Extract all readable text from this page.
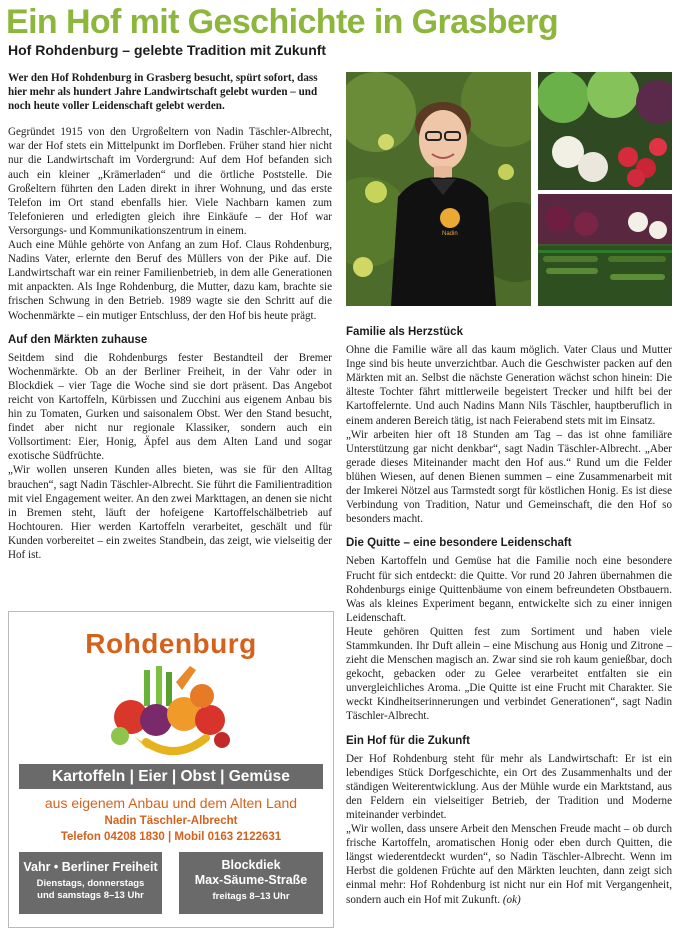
Ein Hof mit Geschichte in Grasberg
Hof Rohdenburg – gelebte Tradition mit Zukunft

Wer den Hof Rohdenburg in Grasberg besucht, spürt sofort, dass hier mehr als hundert Jahre Landwirtschaft gelebt wurden – und noch heute voller Leidenschaft gelebt werden.

Gegründet 1915 von den Urgroßeltern von Nadin Täschler-Albrecht, war der Hof stets ein Mittelpunkt im Dorfleben. Früher stand hier nicht nur die Landwirtschaft im Vordergrund: Auf dem Hof befanden sich auch ein kleiner „Krämerladen“ und die örtliche Poststelle. Die Großeltern führten den Laden direkt in ihrer Wohnung, und das erste Telefon im Ort stand ebenfalls hier. Viele Nachbarn kamen zum Telefonieren und erledigten gleich ihre Einkäufe – der Hof war Versorgungs- und Kommunikationszentrum in einem.

Auch eine Mühle gehörte von Anfang an zum Hof. Claus Rohdenburg, Nadins Vater, erlernte den Beruf des Müllers von der Pike auf. Die Landwirtschaft war ein reiner Familienbetrieb, in dem alle Generationen mit anpackten. Als Inge Rohdenburg, die Mutter, dazu kam, brachte sie frischen Schwung in den Betrieb. 1989 wagte sie den Schritt auf die Wochenmärkte – ein mutiger Entschluss, der den Hof bis heute prägt.

Auf den Märkten zuhause

Seitdem sind die Rohdenburgs fester Bestandteil der Bremer Wochenmärkte. Ob an der Berliner Freiheit, in der Vahr oder in Blockdiek – vier Tage die Woche sind sie dort präsent. Das Angebot reicht von Kartoffeln, Kürbissen und Zucchini aus eigenem Anbau bis hin zu Tomaten, Gurken und saisonalem Obst. Wer den Stand besucht, findet aber nicht nur regionale Klassiker, sondern auch ein Vollsortiment: Eier, Honig, Äpfel aus dem Alten Land und sogar exotische Südfrüchte.

„Wir wollen unseren Kunden alles bieten, was sie für den Alltag brauchen“, sagt Nadin Täschler-Albrecht. Sie führt die Familientradition mit viel Engagement weiter. An den zwei Markttagen, an denen sie nicht in Bremen steht, läuft der hofeigene Kartoffelschälbetrieb auf Hochtouren. Hier werden Kartoffeln verarbeitet, geschält und für Kunden vorbereitet – ein zweites Standbein, das zeigt, wie vielseitig der Hof ist.

Nadin
Familie als Herzstück

Ohne die Familie wäre all das kaum möglich. Vater Claus und Mutter Inge sind bis heute unverzichtbar. Auch die Geschwister packen auf den Märkten mit an. Selbst die nächste Generation wächst schon hinein: Die älteste Tochter fährt mittlerweile begeistert Trecker und hilft bei der Kartoffelernte. Und auch Nadins Mann Nils Täschler, hauptberuflich in einem anderen Bereich tätig, ist nach Feierabend stets mit im Einsatz.

„Wir arbeiten hier oft 18 Stunden am Tag – das ist ohne familiäre Unterstützung gar nicht denkbar“, sagt Nadin Täschler-Albrecht. „Aber gerade dieses Miteinander macht den Hof aus.“ Rund um die Felder blühen Wiesen, auf denen Bienen summen – eine Zusammenarbeit mit der Imkerei Nötzel aus Tarmstedt sorgt für köstlichen Honig. Es ist diese Verbindung von Tradition, Natur und Gemeinschaft, die den Hof so besonders macht.

Die Quitte – eine besondere Leidenschaft

Neben Kartoffeln und Gemüse hat die Familie noch eine besondere Frucht für sich entdeckt: die Quitte. Vor rund 20 Jahren übernahmen die Rohdenburgs einige Quittenbäume von einem befreundeten Obstbauern. Was als kleines Experiment begann, entwickelte sich zu einer innigen Leidenschaft.

Heute gehören Quitten fest zum Sortiment und haben viele Stammkunden. Ihr Duft allein – eine Mischung aus Honig und Zitrone – zieht die Menschen magisch an. Zwar sind sie roh kaum genießbar, doch gekocht, gebacken oder zu Gelee verarbeitet entfalten sie ein unvergleichliches Aroma. „Die Quitte ist eine Frucht mit Charakter. Sie weckt Kindheitserinnerungen und verbindet Generationen“, sagt Nadin Täschler-Albrecht.

Ein Hof für die Zukunft

Der Hof Rohdenburg steht für mehr als Landwirtschaft: Er ist ein lebendiges Stück Dorfgeschichte, ein Ort des Zusammenhalts und der ständigen Weiterentwicklung. Aus der Mühle wurde ein Marktstand, aus den Feldern ein vielseitiger Betrieb, der Tradition und Moderne miteinander verbindet.

„Wir wollen, dass unsere Arbeit den Menschen Freude macht – ob durch frische Kartoffeln, aromatischen Honig oder eben durch Quitten, die längst wiederentdeckt wurden“, so Nadin Täschler-Albrecht. Wenn im Herbst die goldenen Früchte auf den Märkten leuchten, dann zeigt sich einmal mehr: Hof Rohdenburg ist nicht nur ein Hof mit Vergangenheit, sondern auch ein Hof mit Zukunft. (ok)

Rohdenburg
Kartoffeln | Eier | Obst | Gemüse
aus eigenem Anbau und dem Alten Land
Nadin Täschler-Albrecht
Telefon 04208 1830 | Mobil 0163 2122631
Vahr • Berliner Freiheit
Dienstags, donnerstags
und samstags 8–13 Uhr
Blockdiek
Max-Säume-Straße
freitags 8–13 Uhr
